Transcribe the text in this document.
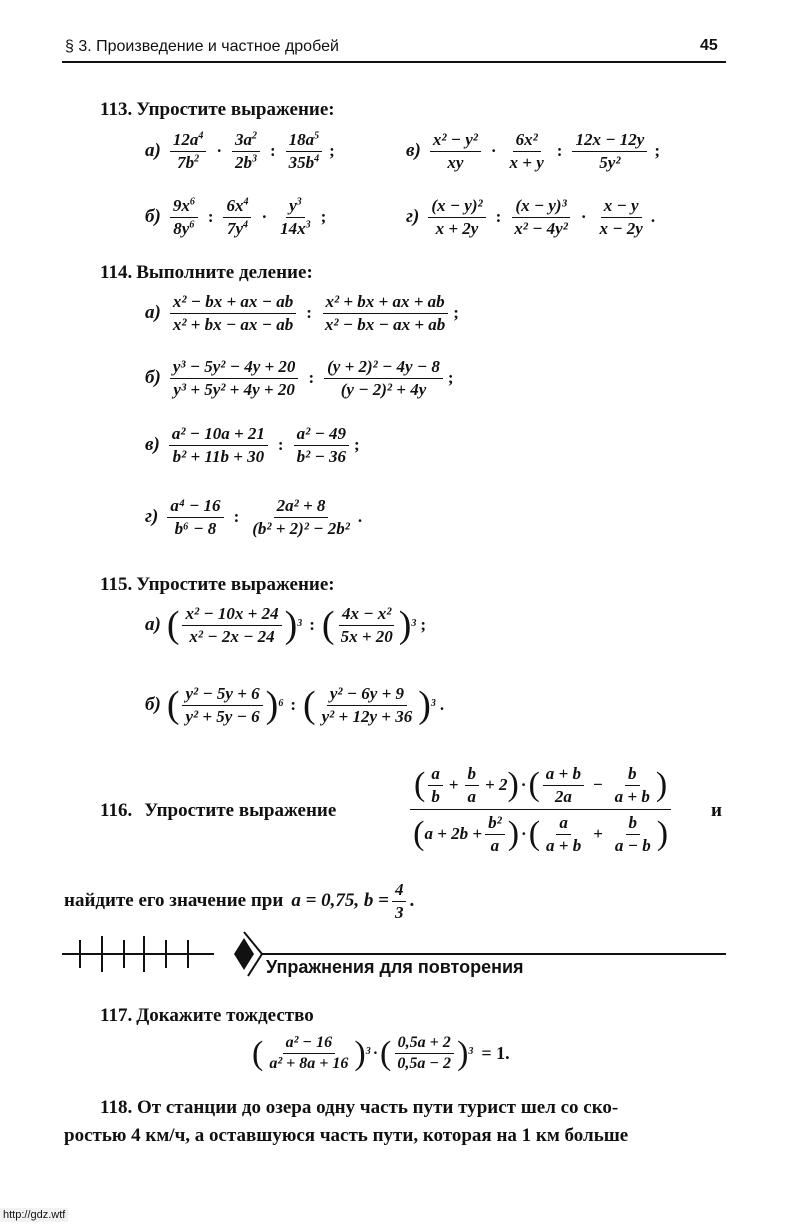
§ 3. Произведение и частное дробей	45
113. Упростите выражение:
$а) \frac{12a^4}{7b^2} \cdot \frac{3a^2}{2b^3}$ : $\frac{18a^5}{35b^4}$ ;	$в) \frac{\text{x² − y²}}{xy} \cdot \frac{\text{6x²}}{x + y}$ : $\frac{12x - 12y}{\text{5y²}}$ ;
$б) \frac{9x^6}{8y^6}$ : $\frac{6x^4}{7y^4} \cdot \frac{y^3}{14x^3}$ ;	$г) \frac{\text{(x − y)²}}{x + 2y}$ : $\frac{\text{(x − y)³}}{\text{x² − 4y²}} \cdot \frac{x - y}{x - 2y}$ .
114. Выполните деление:
$а) \frac{\text{x² − bx + ax − ab}}{\text{x² + bx − ax − ab}}$ : $\frac{\text{x² + bx + ax + ab}}{\text{x² − bx − ax + ab}}$ ;
$б) \frac{\text{y³ − 5y² − 4y + 20}}{\text{y³ + 5y² + 4y + 20}}$ : $\frac{\text{(y + 2)² − 4y − 8}}{\text{(y − 2)² + 4y}}$ ;
$в) \frac{\text{a² − 10a + 21}}{\text{b² + 11b + 30}}$ : $\frac{\text{a² − 49}}{\text{b² − 36}}$ ;
$г) \frac{\text{a⁴ − 16}}{\text{b⁶ − 8}}$ : $\frac{\text{2a² + 8}}{\text{(b² + 2)² − 2b²}}$ .
115. Упростите выражение:
а) ( $\frac{\text{x² − 10x + 24}}{\text{x² − 2x − 24}}$ ) 3 : ( $\frac{\text{4x − x²}}{5x + 20}$ ) 3 ;
б) ( $\frac{\text{y² − 5y + 6}}{\text{y² + 5y − 6}}$ ) 6 : ( $\frac{\text{y² − 6y + 9}}{\text{y² + 12y + 36}}$ ) 3 .
116. Упростите выражение
( $\frac{a}{b} + \frac{b}{a} + 2$ ) · ( $\frac{a + b}{2a} - \frac{b}{a + b}$ )
( $a + 2b + \frac{\text{b²}}{a}$ ) · ( $\frac{a}{a + b} + \frac{b}{a - b}$ )
и
найдите его значение при a = 0,75, $b = \frac{4}{3}$ .
Упражнения для повторения
117. Докажите тождество
( $\frac{\text{a² − 16}}{\text{a² + 8a + 16}}$ ) 3 · ( $\frac{0,5a + 2}{0,5a - 2}$ ) 3 = 1.
118. От станции до озера одну часть пути турист шел со ско-
ростью 4 км/ч, а оставшуюся часть пути, которая на 1 км больше
http://gdz.wtf
